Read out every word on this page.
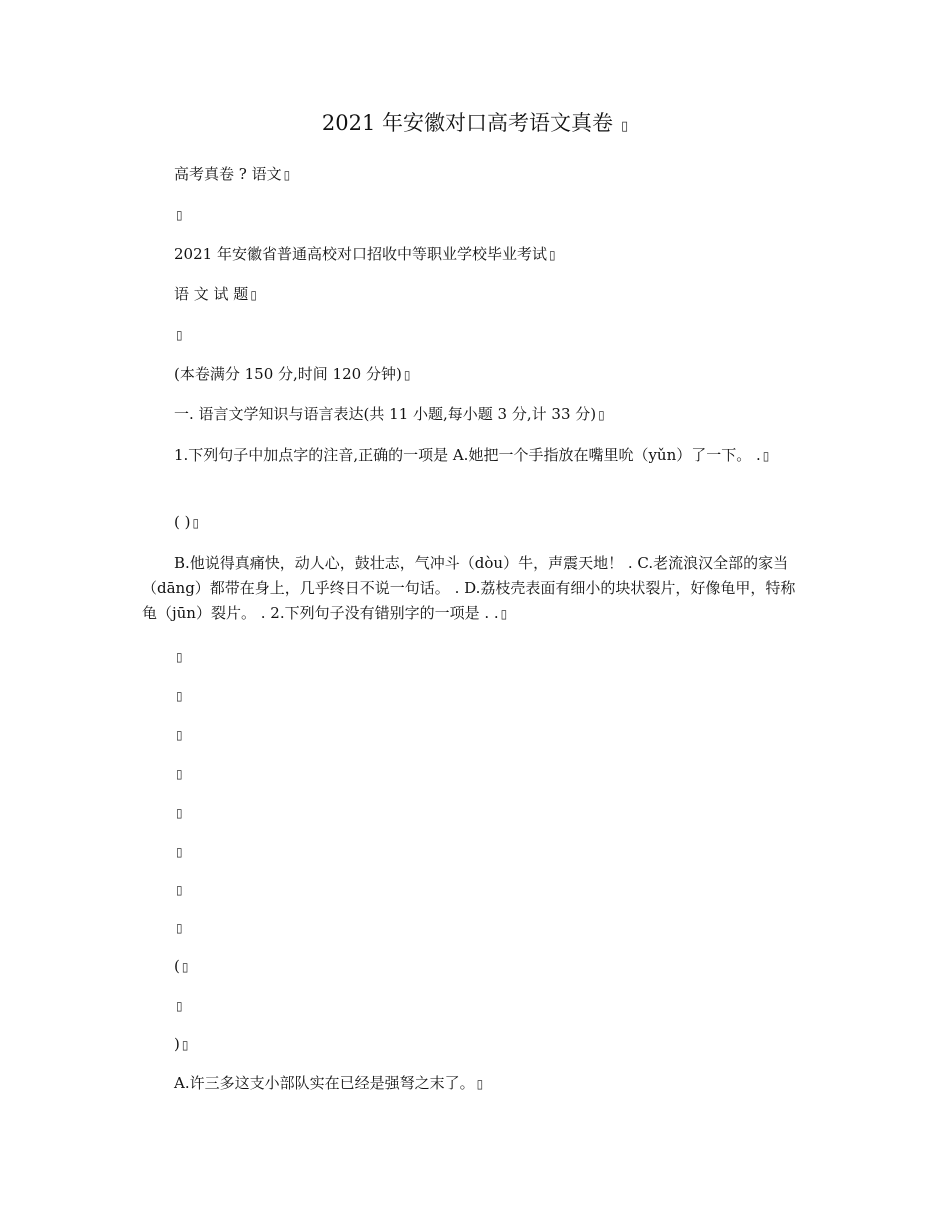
2021 年安徽对口高考语文真卷 ▯
高考真卷 ? 语文 ▯
▯
2021 年安徽省普通高校对口招收中等职业学校毕业考试 ▯
语 文 试 题 ▯
▯
(本卷满分 150 分,时间 120 分钟) ▯
一. 语言文学知识与语言表达(共 11 小题,每小题 3 分,计 33 分) ▯
1.下列句子中加点字的注音,正确的一项是 A.她把一个手指放在嘴里吮（yǔn）了一下。 . ▯
( ) ▯
B.他说得真痛快，动人心，鼓壮志，气冲斗（dòu）牛，声震天地！ . C.老流浪汉全部的家当（dāng）都带在身上，几乎终日不说一句话。 . D.荔枝壳表面有细小的块状裂片，好像龟甲，特称龟（jūn）裂片。 . 2.下列句子没有错别字的一项是 . . ▯
▯
▯
▯
▯
▯
▯
▯
▯
( ▯
▯
) ▯
A.许三多这支小部队实在已经是强弩之末了。 ▯
